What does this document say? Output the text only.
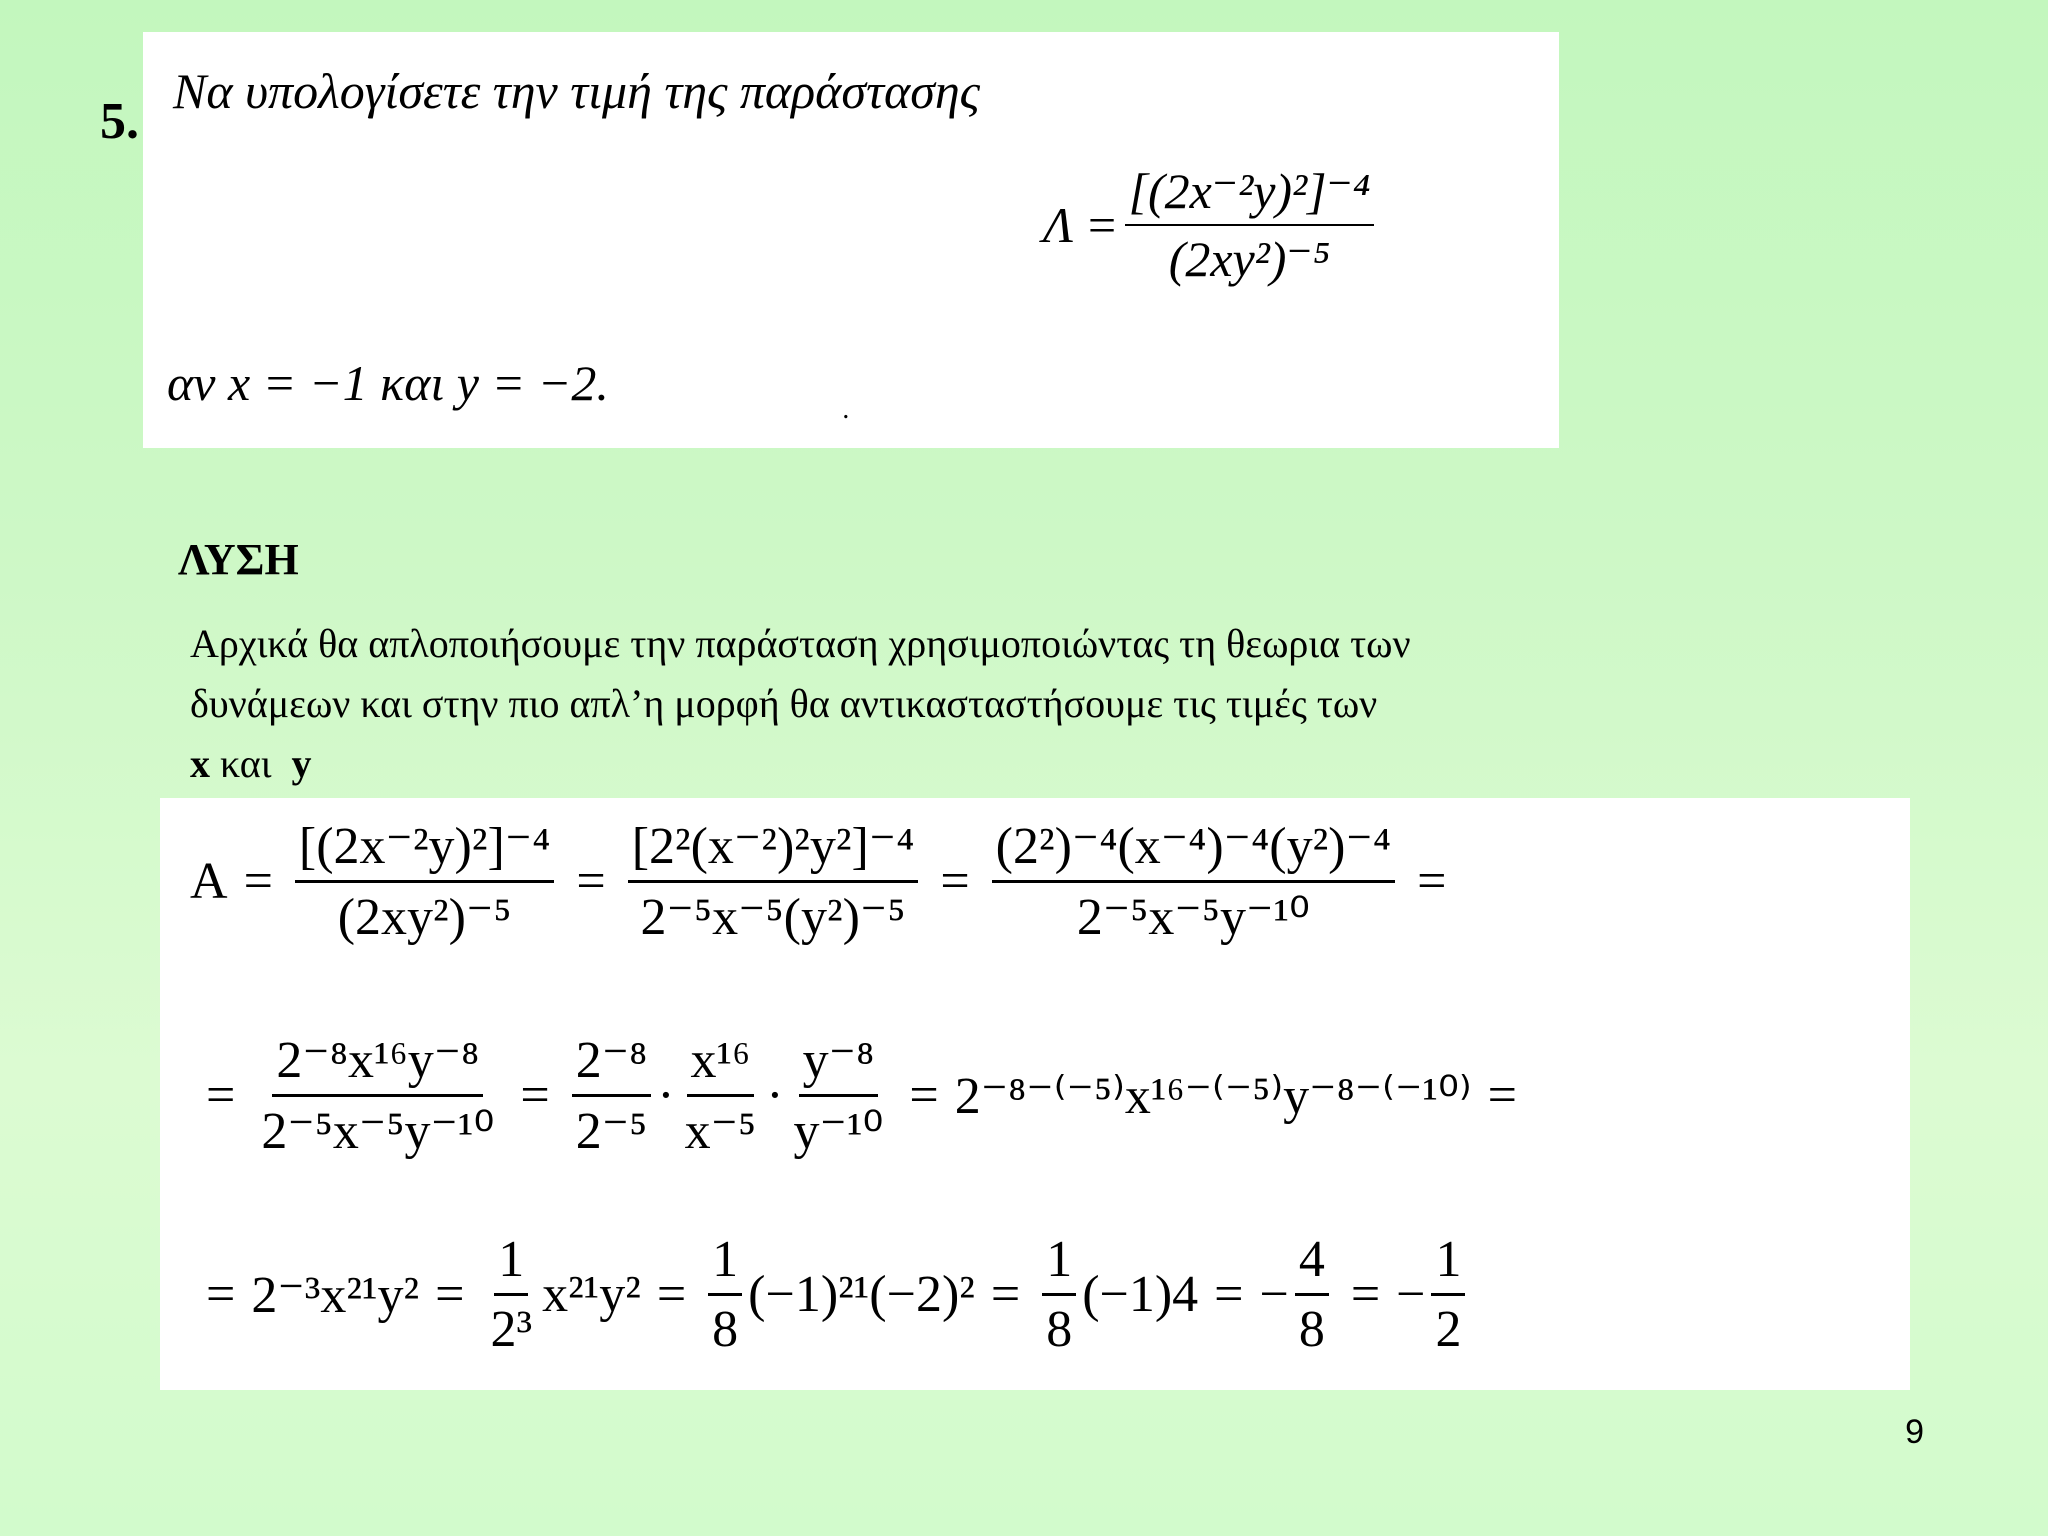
5.
Να υπολογίσετε την τιμή της παράστασης
$\Lambda = \frac{\text{[(2x⁻²y)²]⁻⁴}}{\text{(2xy²)⁻⁵}}$
αν x = −1 και y = −2.	.
ΛΥΣΗ
Αρχικά θα απλοποιήσουμε την παράσταση χρησιμοποιώντας τη θεωρια των
δυνάμεων και στην πιο απλ’η μορφή θα αντικασταστήσουμε τις τιμές των
x και  y
$A = \frac{\text{[(2x⁻²y)²]⁻⁴}}{\text{(2xy²)⁻⁵}} = \frac{\text{[2²(x⁻²)²y²]⁻⁴}}{\text{2⁻⁵x⁻⁵(y²)⁻⁵}} = \frac{\text{(2²)⁻⁴(x⁻⁴)⁻⁴(y²)⁻⁴}}{\text{2⁻⁵x⁻⁵y⁻¹⁰}}$ =
= $\frac{\text{2⁻⁸x¹⁶y⁻⁸}}{\text{2⁻⁵x⁻⁵y⁻¹⁰}} = \frac{\text{2⁻⁸}}{\text{2⁻⁵}} \cdot \frac{\text{x¹⁶}}{\text{x⁻⁵}} \cdot \frac{\text{y⁻⁸}}{\text{y⁻¹⁰}} = 2^{-8-(-5)}x^{16-(-5)}y^{-8-(-10)}$ =
= $2^{-3}x^{21}y^2 = \frac{1}{\text{2³}} x^{21}y^2 = \frac{1}{8} (-1)^{21}(-2)^2 = \frac{1}{8} (-1)4$ = − $\frac{4}{8}$ = − $\frac{1}{2}$
9
